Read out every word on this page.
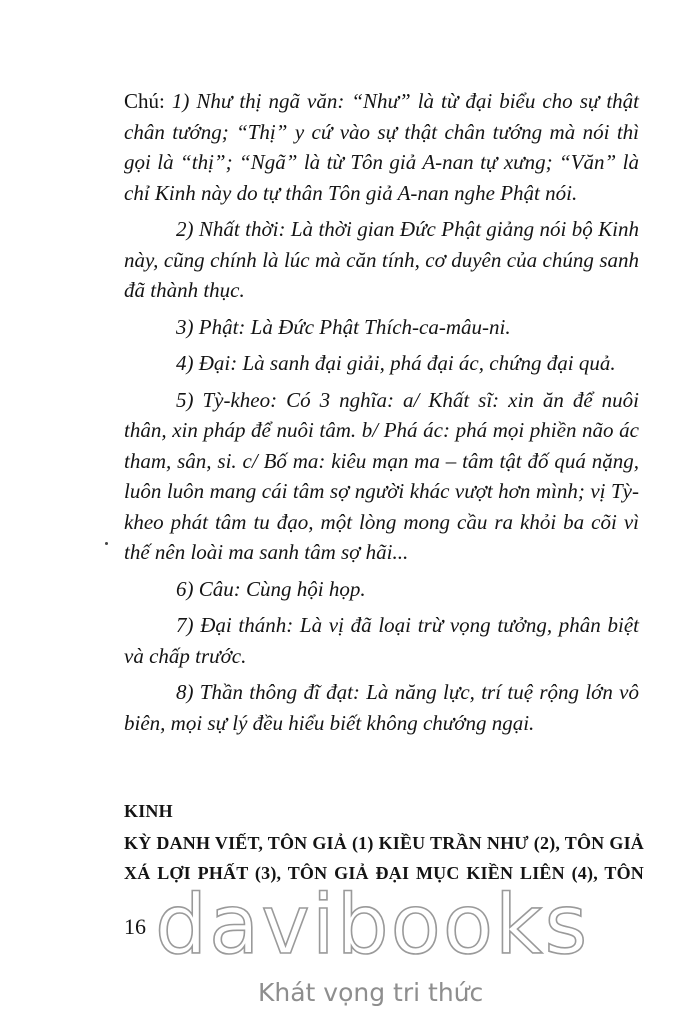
Chú: 1) Như thị ngã văn: “Như” là từ đại biểu cho sự thật chân tướng; “Thị” y cứ vào sự thật chân tướng mà nói thì gọi là “thị”; “Ngã” là từ Tôn giả A-nan tự xưng; “Văn” là chỉ Kinh này do tự thân Tôn giả A-nan nghe Phật nói.

2) Nhất thời: Là thời gian Đức Phật giảng nói bộ Kinh này, cũng chính là lúc mà căn tính, cơ duyên của chúng sanh đã thành thục.

3) Phật: Là Đức Phật Thích-ca-mâu-ni.

4) Đại: Là sanh đại giải, phá đại ác, chứng đại quả.

5) Tỳ-kheo: Có 3 nghĩa: a/ Khất sĩ: xin ăn để nuôi thân, xin pháp để nuôi tâm. b/ Phá ác: phá mọi phiền não ác tham, sân, si. c/ Bố ma: kiêu mạn ma – tâm tật đố quá nặng, luôn luôn mang cái tâm sợ người khác vượt hơn mình; vị Tỳ-kheo phát tâm tu đạo, một lòng mong cầu ra khỏi ba cõi vì thế nên loài ma sanh tâm sợ hãi...

6) Câu: Cùng hội họp.

7) Đại thánh: Là vị đã loại trừ vọng tưởng, phân biệt và chấp trước.

8) Thần thông đĩ đạt: Là năng lực, trí tuệ rộng lớn vô biên, mọi sự lý đều hiểu biết không chướng ngại.

KINH
KỲ DANH VIẾT, TÔN GIẢ (1) KIỀU TRẦN NHƯ (2), TÔN GIẢ
XÁ LỢI PHẤT (3), TÔN GIẢ ĐẠI MỤC KIỀN LIÊN (4), TÔN
16 davibooks
Khát vọng tri thức
